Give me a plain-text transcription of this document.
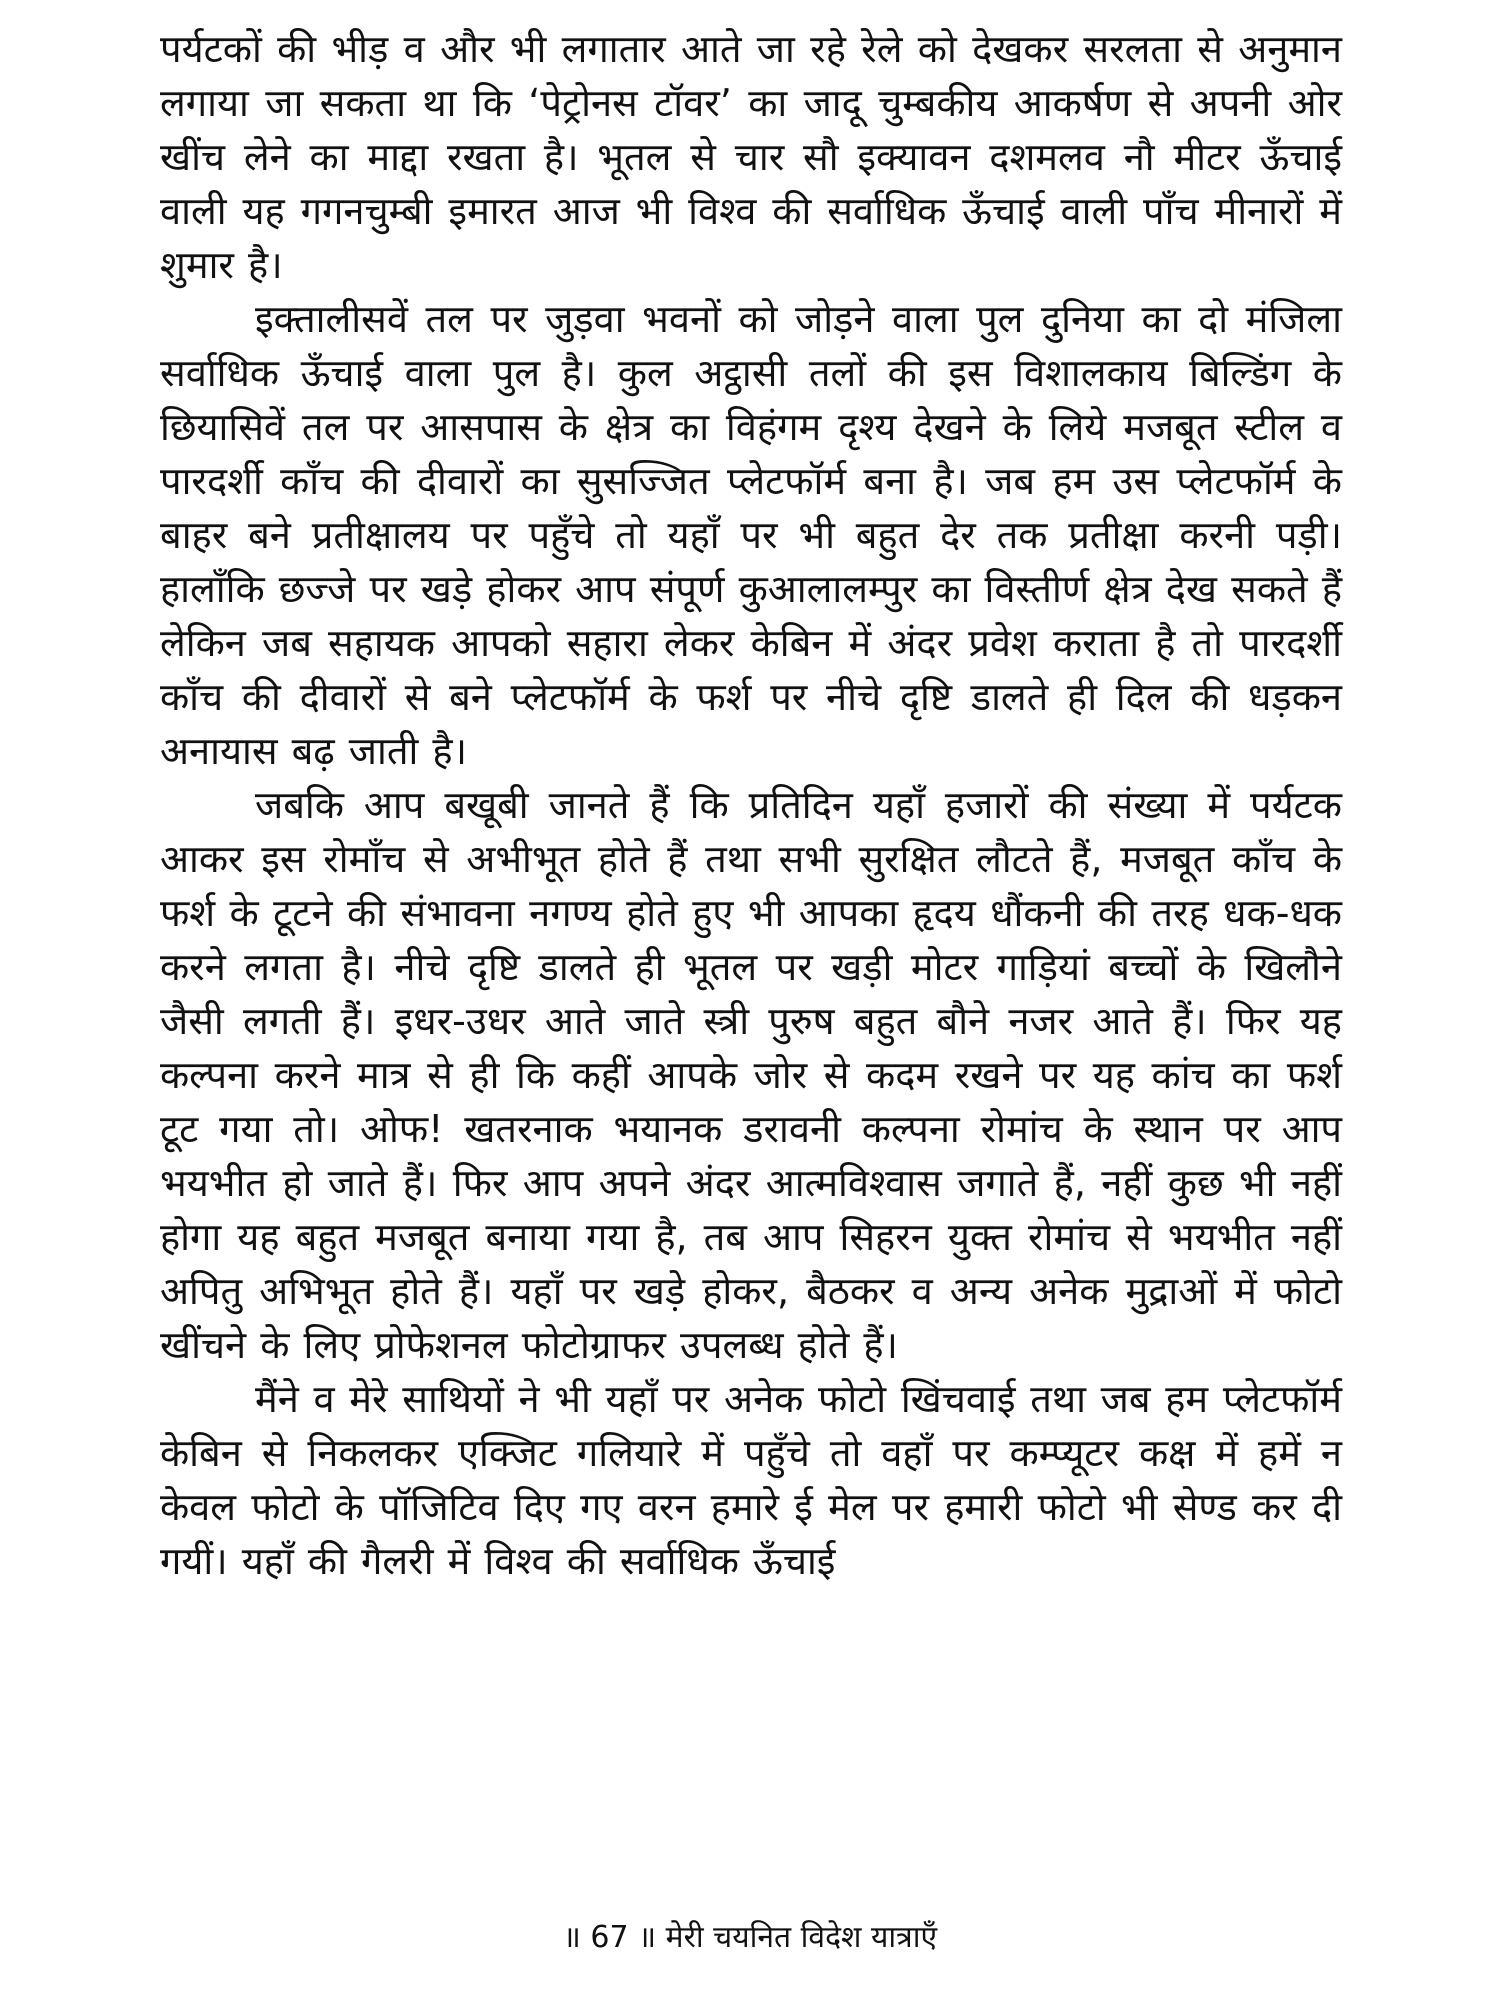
पर्यटकों की भीड़ व और भी लगातार आते जा रहे रेले को देखकर सरलता से अनुमान लगाया जा सकता था कि ‘पेट्रोनस टॉवर’ का जादू चुम्बकीय आकर्षण से अपनी ओर खींच लेने का माद्दा रखता है। भूतल से चार सौ इक्यावन दशमलव नौ मीटर ऊँचाई वाली यह गगनचुम्बी इमारत आज भी विश्व की सर्वाधिक ऊँचाई वाली पाँच मीनारों में शुमार है।

इक्तालीसवें तल पर जुड़वा भवनों को जोड़ने वाला पुल दुनिया का दो मंजिला सर्वाधिक ऊँचाई वाला पुल है। कुल अट्ठासी तलों की इस विशालकाय बिल्डिंग के छियासिवें तल पर आसपास के क्षेत्र का विहंगम दृश्य देखने के लिये मजबूत स्टील व पारदर्शी काँच की दीवारों का सुसज्जित प्लेटफॉर्म बना है। जब हम उस प्लेटफॉर्म के बाहर बने प्रतीक्षालय पर पहुँचे तो यहाँ पर भी बहुत देर तक प्रतीक्षा करनी पड़ी। हालाँकि छज्जे पर खड़े होकर आप संपूर्ण कुआलालम्पुर का विस्तीर्ण क्षेत्र देख सकते हैं लेकिन जब सहायक आपको सहारा लेकर केबिन में अंदर प्रवेश कराता है तो पारदर्शी काँच की दीवारों से बने प्लेटफॉर्म के फर्श पर नीचे दृष्टि डालते ही दिल की धड़कन अनायास बढ़ जाती है।

जबकि आप बखूबी जानते हैं कि प्रतिदिन यहाँ हजारों की संख्या में पर्यटक आकर इस रोमाँच से अभीभूत होते हैं तथा सभी सुरक्षित लौटते हैं, मजबूत काँच के फर्श के टूटने की संभावना नगण्य होते हुए भी आपका हृदय धौंकनी की तरह धक-धक करने लगता है। नीचे दृष्टि डालते ही भूतल पर खड़ी मोटर गाड़ियां बच्चों के खिलौने जैसी लगती हैं। इधर-उधर आते जाते स्त्री पुरुष बहुत बौने नजर आते हैं। फिर यह कल्पना करने मात्र से ही कि कहीं आपके जोर से कदम रखने पर यह कांच का फर्श टूट गया तो। ओफ! खतरनाक भयानक डरावनी कल्पना रोमांच के स्थान पर आप भयभीत हो जाते हैं। फिर आप अपने अंदर आत्मविश्वास जगाते हैं, नहीं कुछ भी नहीं होगा यह बहुत मजबूत बनाया गया है, तब आप सिहरन युक्त रोमांच से भयभीत नहीं अपितु अभिभूत होते हैं। यहाँ पर खड़े होकर, बैठकर व अन्य अनेक मुद्राओं में फोटो खींचने के लिए प्रोफेशनल फोटोग्राफर उपलब्ध होते हैं।

मैंने व मेरे साथियों ने भी यहाँ पर अनेक फोटो खिंचवाई तथा जब हम प्लेटफॉर्म केबिन से निकलकर एक्जिट गलियारे में पहुँचे तो वहाँ पर कम्प्यूटर कक्ष में हमें न केवल फोटो के पॉजिटिव दिए गए वरन हमारे ई मेल पर हमारी फोटो भी सेण्ड कर दी गयीं। यहाँ की गैलरी में विश्व की सर्वाधिक ऊँचाई

॥ 67 ॥ मेरी चयनित विदेश यात्राएँ
